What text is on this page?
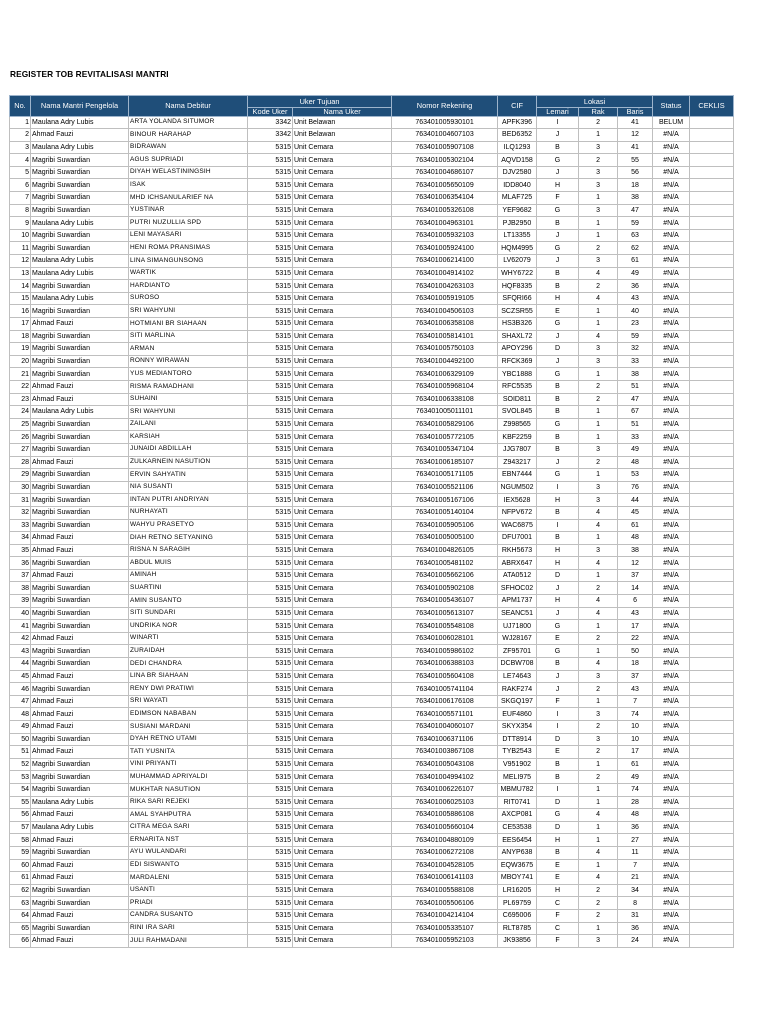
REGISTER TOB REVITALISASI MANTRI
No.	Nama Mantri Pengelola	Nama Debitur	Uker Tujuan		Nomor Rekening	CIF	Lokasi			Status	CEKLIS
			Kode Uker	Nama Uker			Lemari	Rak	Baris		
1	Maulana Adry Lubis	ARTA YOLANDA SITUMOR	3342	Unit Belawan	763401005930101	APFK396	I	2	41	BELUM	
2	Ahmad Fauzi	BINOUR HARAHAP	3342	Unit Belawan	763401004607103	BED6352	J	1	12	#N/A	
3	Maulana Adry Lubis	BIDRAWAN	5315	Unit Cemara	763401005907108	ILQ1293	B	3	41	#N/A	
4	Magribi Suwardian	AGUS SUPRIADI	5315	Unit Cemara	763401005302104	AQVD158	G	2	55	#N/A	
5	Magribi Suwardian	DIYAH WELASTININGSIH	5315	Unit Cemara	763401004686107	DJV2580	J	3	56	#N/A	
6	Magribi Suwardian	ISAK	5315	Unit Cemara	763401005650109	IDD8040	H	3	18	#N/A	
7	Magribi Suwardian	MHD ICHSANULARIEF NA	5315	Unit Cemara	763401006354104	MLAF725	F	1	38	#N/A	
8	Magribi Suwardian	YUSTINAR	5315	Unit Cemara	763401005326108	YEF9682	G	3	47	#N/A	
9	Maulana Adry Lubis	PUTRI NUZULLIA SPD	5315	Unit Cemara	763401004963101	PJB2950	B	1	59	#N/A	
10	Magribi Suwardian	LENI MAYASARI	5315	Unit Cemara	763401005932103	LT13355	J	1	63	#N/A	
11	Magribi Suwardian	HENI ROMA PRANSIMAS	5315	Unit Cemara	763401005924100	HQM4995	G	2	62	#N/A	
12	Maulana Adry Lubis	LINA SIMANGUNSONG	5315	Unit Cemara	763401006214100	LV62079	J	3	61	#N/A	
13	Maulana Adry Lubis	WARTIK	5315	Unit Cemara	763401004914102	WHY6722	B	4	49	#N/A	
14	Magribi Suwardian	HARDIANTO	5315	Unit Cemara	763401004263103	HQF8335	B	2	36	#N/A	
15	Maulana Adry Lubis	SUROSO	5315	Unit Cemara	763401005919105	SFQRI66	H	4	43	#N/A	
16	Magribi Suwardian	SRI WAHYUNI	5315	Unit Cemara	763401004506103	SCZSR55	E	1	40	#N/A	
17	Ahmad Fauzi	HOTMIANI BR SIAHAAN	5315	Unit Cemara	763401006358108	HS3B326	G	1	23	#N/A	
18	Magribi Suwardian	SITI MARLINA	5315	Unit Cemara	763401005814101	SHAXL72	J	4	59	#N/A	
19	Magribi Suwardian	ARMAN	5315	Unit Cemara	763401005750103	APOY296	D	3	32	#N/A	
20	Magribi Suwardian	RONNY WIRAWAN	5315	Unit Cemara	763401004492100	RFCK369	J	3	33	#N/A	
21	Magribi Suwardian	YUS MEDIANTORO	5315	Unit Cemara	763401006329109	YBC1888	G	1	38	#N/A	
22	Ahmad Fauzi	RISMA RAMADHANI	5315	Unit Cemara	763401005968104	RFC5535	B	2	51	#N/A	
23	Ahmad Fauzi	SUHAINI	5315	Unit Cemara	763401006338108	SOID811	B	2	47	#N/A	
24	Maulana Adry Lubis	SRI WAHYUNI	5315	Unit Cemara	763401005011101	SVOL845	B	1	67	#N/A	
25	Magribi Suwardian	ZAILANI	5315	Unit Cemara	763401005829106	Z998565	G	1	51	#N/A	
26	Magribi Suwardian	KARSIAH	5315	Unit Cemara	763401005772105	KBF2259	B	1	33	#N/A	
27	Magribi Suwardian	JUNAIDI ABDILLAH	5315	Unit Cemara	763401005347104	JJG7807	B	3	49	#N/A	
28	Ahmad Fauzi	ZULKARNEIN NASUTION	5315	Unit Cemara	763401006185107	Z943217	J	2	48	#N/A	
29	Magribi Suwardian	ERVIN SAHYATIN	5315	Unit Cemara	763401005171105	EBN7444	G	1	53	#N/A	
30	Magribi Suwardian	NIA SUSANTI	5315	Unit Cemara	763401005521106	NGUM502	I	3	76	#N/A	
31	Magribi Suwardian	INTAN PUTRI ANDRIYAN	5315	Unit Cemara	763401005167106	IEX5628	H	3	44	#N/A	
32	Magribi Suwardian	NURHAYATI	5315	Unit Cemara	763401005140104	NFPV672	B	4	45	#N/A	
33	Magribi Suwardian	WAHYU PRASETYO	5315	Unit Cemara	763401005905106	WAC6875	I	4	61	#N/A	
34	Ahmad Fauzi	DIAH RETNO SETYANING	5315	Unit Cemara	763401005005100	DFU7001	B	1	48	#N/A	
35	Ahmad Fauzi	RISNA N SARAGIH	5315	Unit Cemara	763401004826105	RKH5673	H	3	38	#N/A	
36	Magribi Suwardian	ABDUL MUIS	5315	Unit Cemara	763401005481102	ABRX647	H	4	12	#N/A	
37	Ahmad Fauzi	AMINAH	5315	Unit Cemara	763401005662106	ATA0512	D	1	37	#N/A	
38	Magribi Suwardian	SUARTINI	5315	Unit Cemara	763401005902108	SFHOC02	J	2	14	#N/A	
39	Magribi Suwardian	AMIN SUSANTO	5315	Unit Cemara	763401005436107	APM1737	H	4	6	#N/A	
40	Magribi Suwardian	SITI SUNDARI	5315	Unit Cemara	763401005613107	SEANC51	J	4	43	#N/A	
41	Magribi Suwardian	UNDRIKA NOR	5315	Unit Cemara	763401005548108	UJ71800	G	1	17	#N/A	
42	Ahmad Fauzi	WINARTI	5315	Unit Cemara	763401006028101	WJ28167	E	2	22	#N/A	
43	Magribi Suwardian	ZURAIDAH	5315	Unit Cemara	763401005986102	ZF95701	G	1	50	#N/A	
44	Magribi Suwardian	DEDI CHANDRA	5315	Unit Cemara	763401006388103	DCBW708	B	4	18	#N/A	
45	Ahmad Fauzi	LINA BR SIAHAAN	5315	Unit Cemara	763401005604108	LE74643	J	3	37	#N/A	
46	Magribi Suwardian	RENY DWI PRATIWI	5315	Unit Cemara	763401005741104	RAKF274	J	2	43	#N/A	
47	Ahmad Fauzi	SRI WAYATI	5315	Unit Cemara	763401006176108	SKGQ197	F	1	7	#N/A	
48	Ahmad Fauzi	EDIMSON NABABAN	5315	Unit Cemara	763401005571101	EUF4860	I	3	74	#N/A	
49	Ahmad Fauzi	SUSIANI MARDANI	5315	Unit Cemara	763401004060107	SKYX354	I	2	10	#N/A	
50	Magribi Suwardian	DYAH RETNO UTAMI	5315	Unit Cemara	763401006371106	DTT8914	D	3	10	#N/A	
51	Ahmad Fauzi	TATI YUSNITA	5315	Unit Cemara	763401003867108	TYB2543	E	2	17	#N/A	
52	Magribi Suwardian	VINI PRIYANTI	5315	Unit Cemara	763401005043108	V951902	B	1	61	#N/A	
53	Magribi Suwardian	MUHAMMAD APRIYALDI	5315	Unit Cemara	763401004994102	MELI975	B	2	49	#N/A	
54	Magribi Suwardian	MUKHTAR NASUTION	5315	Unit Cemara	763401006226107	MBMU782	I	1	74	#N/A	
55	Maulana Adry Lubis	RIKA SARI REJEKI	5315	Unit Cemara	763401006025103	RIT0741	D	1	28	#N/A	
56	Ahmad Fauzi	AMAL SYAHPUTRA	5315	Unit Cemara	763401005886108	AXCP081	G	4	48	#N/A	
57	Maulana Adry Lubis	CITRA MEGA SARI	5315	Unit Cemara	763401005660104	CE53538	D	1	36	#N/A	
58	Ahmad Fauzi	ERNARITA NST	5315	Unit Cemara	763401004880109	EES6454	H	1	27	#N/A	
59	Magribi Suwardian	AYU WULANDARI	5315	Unit Cemara	763401006272108	ANYP638	B	4	11	#N/A	
60	Ahmad Fauzi	EDI SISWANTO	5315	Unit Cemara	763401004528105	EQW3675	E	1	7	#N/A	
61	Ahmad Fauzi	MARDALENI	5315	Unit Cemara	763401006141103	MBOY741	E	4	21	#N/A	
62	Magribi Suwardian	USANTI	5315	Unit Cemara	763401005588108	LR16205	H	2	34	#N/A	
63	Magribi Suwardian	PRIADI	5315	Unit Cemara	763401005506106	PL69759	C	2	8	#N/A	
64	Ahmad Fauzi	CANDRA SUSANTO	5315	Unit Cemara	763401004214104	C695006	F	2	31	#N/A	
65	Magribi Suwardian	RINI IRA SARI	5315	Unit Cemara	763401005335107	RLT8785	C	1	36	#N/A	
66	Ahmad Fauzi	JULI RAHMADANI	5315	Unit Cemara	763401005952103	JK93856	F	3	24	#N/A	
